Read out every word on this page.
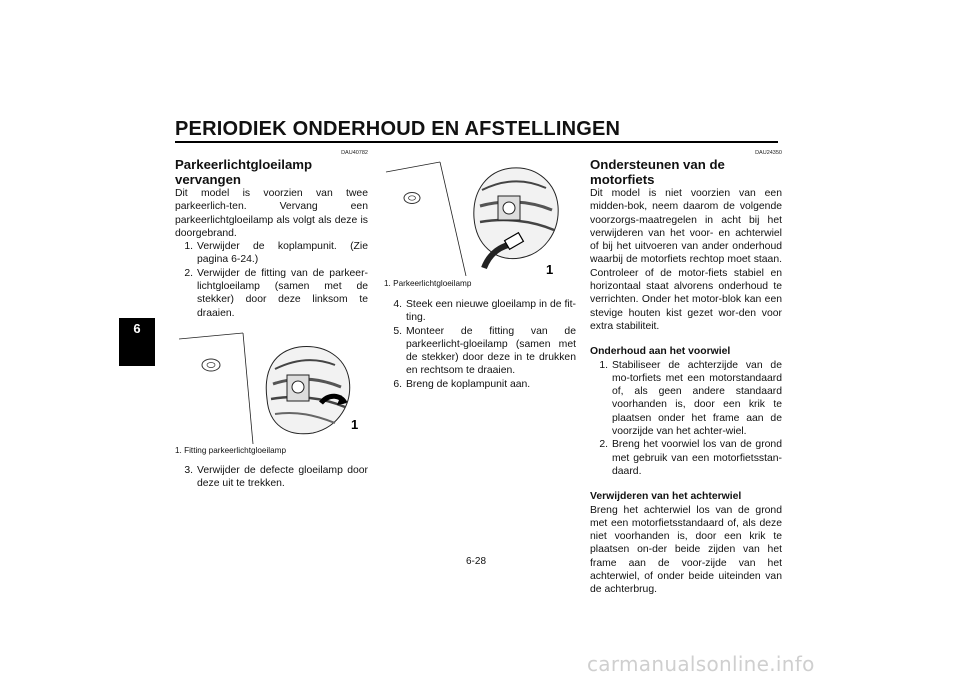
PERIODIEK ONDERHOUD EN AFSTELLINGEN
6
DAU40782
Parkeerlichtgloeilamp vervangen

Dit model is voorzien van twee parkeerlich-ten. Vervang een parkeerlichtgloeilamp als volgt als deze is doorgebrand.

1. Verwijder de koplampunit. (Zie pagina 6-24.)
2. Verwijder de fitting van de parkeer-lichtgloeilamp (samen met de stekker) door deze linksom te draaien.
1
1. Fitting parkeerlichtgloeilamp
3. Verwijder de defecte gloeilamp door deze uit te trekken.
1
1. Parkeerlichtgloeilamp
4. Steek een nieuwe gloeilamp in de fit-ting.
5. Monteer de fitting van de parkeerlicht-gloeilamp (samen met de stekker) door deze in te drukken en rechtsom te draaien.
6. Breng de koplampunit aan.
DAU24350
Ondersteunen van de motorfiets

Dit model is niet voorzien van een midden-bok, neem daarom de volgende voorzorgs-maatregelen in acht bij het verwijderen van het voor- en achterwiel of bij het uitvoeren van ander onderhoud waarbij de motorfiets rechtop moet staan. Controleer of de motor-fiets stabiel en horizontaal staat alvorens onderhoud te verrichten. Onder het motor-blok kan een stevige houten kist gezet wor-den voor extra stabiliteit.

Onderhoud aan het voorwiel
1. Stabiliseer de achterzijde van de mo-torfiets met een motorstandaard of, als geen andere standaard voorhanden is, door een krik te plaatsen onder het frame aan de voorzijde van het achter-wiel.
2. Breng het voorwiel los van de grond met gebruik van een motorfietsstan-daard.
Verwijderen van het achterwiel

Breng het achterwiel los van de grond met een motorfietsstandaard of, als deze niet voorhanden is, door een krik te plaatsen on-der beide zijden van het frame aan de voor-zijde van het achterwiel, of onder beide uiteinden van de achterbrug.

6-28
carmanualsonline.info
